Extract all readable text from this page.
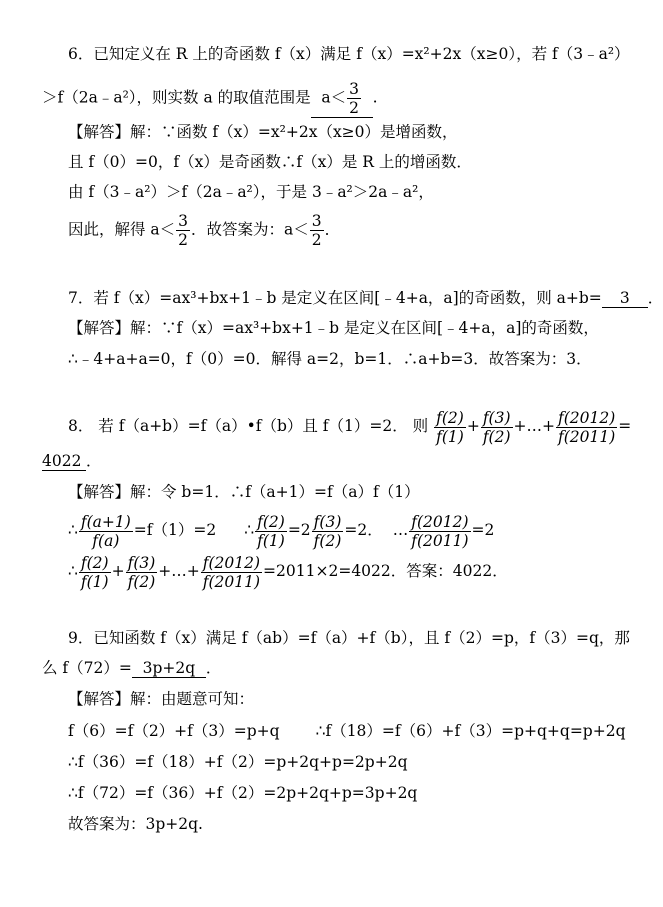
6．已知定义在 R 上的奇函数 f（x）满足 f（x）=x²+2x（x≥0），若 f（3﹣a²）
＞f（2a﹣a²），则实数 a 的取值范围是 $a< \frac{3}{2}$ .
【解答】解：∵函数 f（x）=x²+2x（x≥0）是增函数，
且 f（0）=0，f（x）是奇函数∴f（x）是 R 上的增函数．
由 f（3﹣a²）＞f（2a﹣a²），于是 3﹣a²＞2a﹣a²，
因此，解得 $a< \frac{3}{2}$ ．故答案为：$a< \frac{3}{2}$ ．
7．若 f（x）=ax³+bx+1﹣b 是定义在区间[﹣4+a，a]的奇函数，则 a+b= 3 ．
【解答】解：∵f（x）=ax³+bx+1﹣b 是定义在区间[﹣4+a，a]的奇函数，
∴﹣4+a+a=0，f（0）=0．解得 a=2，b=1．∴a+b=3．故答案为：3．
8． 若 f（a+b）=f（a）•f（b）且 f（1）=2． 则 $\frac{f(2)}{f(1)} + \frac{f(3)}{f(2)}$ +…+ $\frac{f(2012)}{f(2011)}$ =
4022 ．
【解答】解：令 b=1．∴f（a+1）=f（a）f（1）
∴ $\frac{f(a+1)}{f(a)} =f(1)=2$ ∴ $\frac{f(2)}{f(1)} =2 \frac{f(3)}{f(2)} =2$． … $\frac{f(2012)}{f(2011)} =2$
∴ $\frac{f(2)}{f(1)} + \frac{f(3)}{f(2)}$ +…+ $\frac{f(2012)}{f(2011)} =2011\times 2=4022$．答案：4022．
9．已知函数 f（x）满足 f（ab）=f（a）+f（b），且 f（2）=p，f（3）=q，那
么 f（72）= 3p+2q ．
【解答】解：由题意可知：
f（6）=f（2）+f（3）=p+q ∴f（18）=f（6）+f（3）=p+q+q=p+2q
∴f（36）=f（18）+f（2）=p+2q+p=2p+2q
∴f（72）=f（36）+f（2）=2p+2q+p=3p+2q
故答案为：3p+2q.
